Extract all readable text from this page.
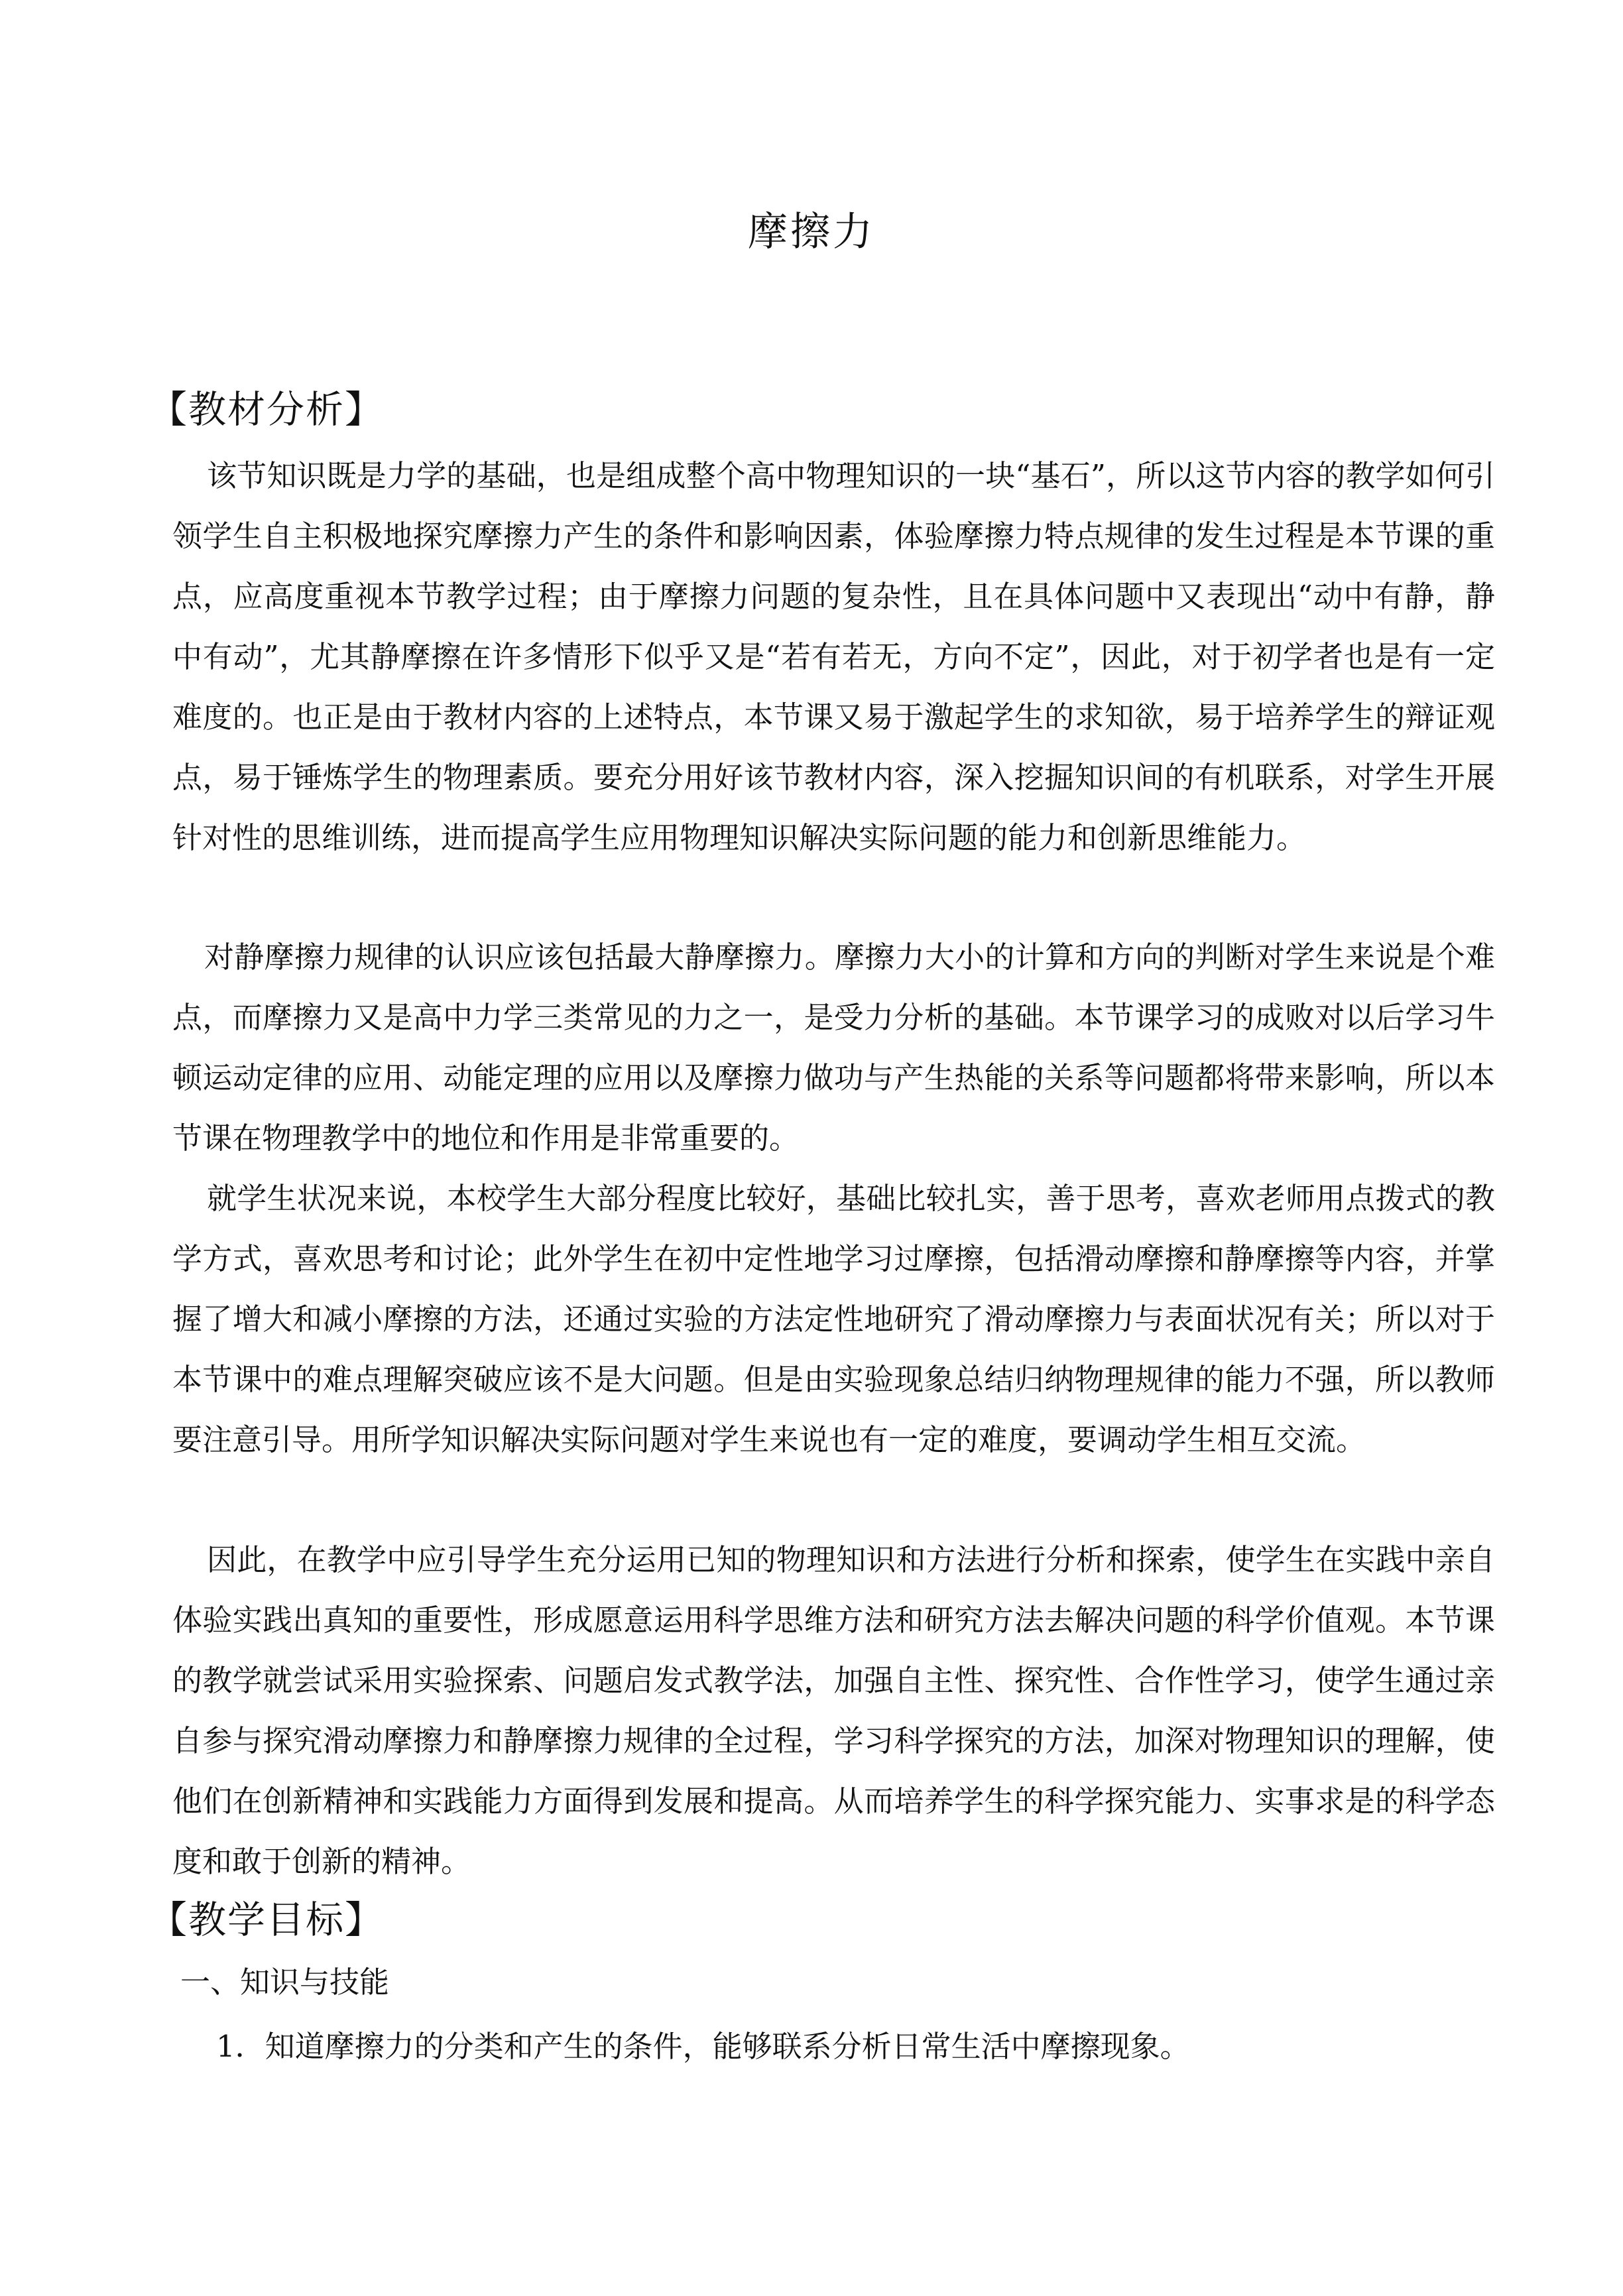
摩擦力
【教材分析】
该节知识既是力学的基础，也是组成整个高中物理知识的一块“基石”，所以这节内容的教学如何引领学生自主积极地探究摩擦力产生的条件和影响因素，体验摩擦力特点规律的发生过程是本节课的重点，应高度重视本节教学过程；由于摩擦力问题的复杂性，且在具体问题中又表现出“动中有静，静中有动”，尤其静摩擦在许多情形下似乎又是“若有若无，方向不定”，因此，对于初学者也是有一定难度的。也正是由于教材内容的上述特点，本节课又易于激起学生的求知欲，易于培养学生的辩证观点，易于锤炼学生的物理素质。要充分用好该节教材内容，深入挖掘知识间的有机联系，对学生开展针对性的思维训练，进而提高学生应用物理知识解决实际问题的能力和创新思维能力。
对静摩擦力规律的认识应该包括最大静摩擦力。摩擦力大小的计算和方向的判断对学生来说是个难点，而摩擦力又是高中力学三类常见的力之一，是受力分析的基础。本节课学习的成败对以后学习牛顿运动定律的应用、动能定理的应用以及摩擦力做功与产生热能的关系等问题都将带来影响，所以本节课在物理教学中的地位和作用是非常重要的。
就学生状况来说，本校学生大部分程度比较好，基础比较扎实，善于思考，喜欢老师用点拨式的教学方式，喜欢思考和讨论；此外学生在初中定性地学习过摩擦，包括滑动摩擦和静摩擦等内容，并掌握了增大和减小摩擦的方法，还通过实验的方法定性地研究了滑动摩擦力与表面状况有关；所以对于本节课中的难点理解突破应该不是大问题。但是由实验现象总结归纳物理规律的能力不强，所以教师要注意引导。用所学知识解决实际问题对学生来说也有一定的难度，要调动学生相互交流。
因此，在教学中应引导学生充分运用已知的物理知识和方法进行分析和探索，使学生在实践中亲自体验实践出真知的重要性，形成愿意运用科学思维方法和研究方法去解决问题的科学价值观。本节课的教学就尝试采用实验探索、问题启发式教学法，加强自主性、探究性、合作性学习，使学生通过亲自参与探究滑动摩擦力和静摩擦力规律的全过程，学习科学探究的方法，加深对物理知识的理解，使他们在创新精神和实践能力方面得到发展和提高。从而培养学生的科学探究能力、实事求是的科学态度和敢于创新的精神。
【教学目标】
一、知识与技能
1．知道摩擦力的分类和产生的条件，能够联系分析日常生活中摩擦现象。
